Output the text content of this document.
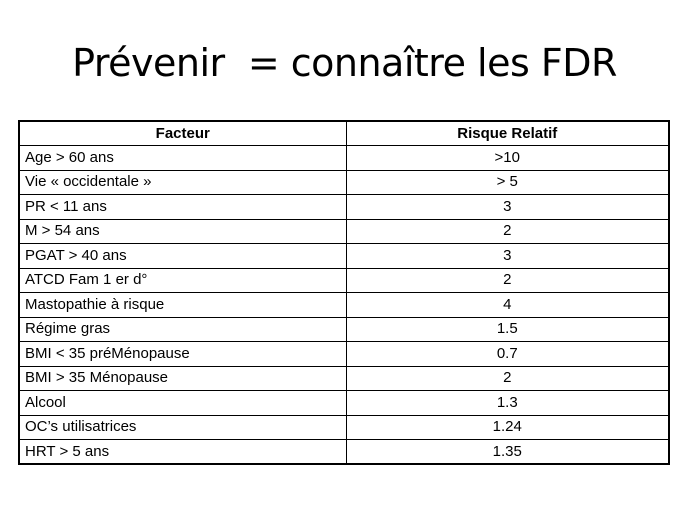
Prévenir  = connaître les FDR
Facteur	Risque Relatif
Age > 60 ans	>10
Vie « occidentale »	> 5
PR < 11 ans	3
M > 54 ans	2
PGAT > 40 ans	3
ATCD Fam 1 er d°	2
Mastopathie à risque	4
Régime gras	1.5
BMI < 35 préMénopause	0.7
BMI > 35 Ménopause	2
Alcool	1.3
OC’s utilisatrices	1.24
HRT > 5 ans	1.35
